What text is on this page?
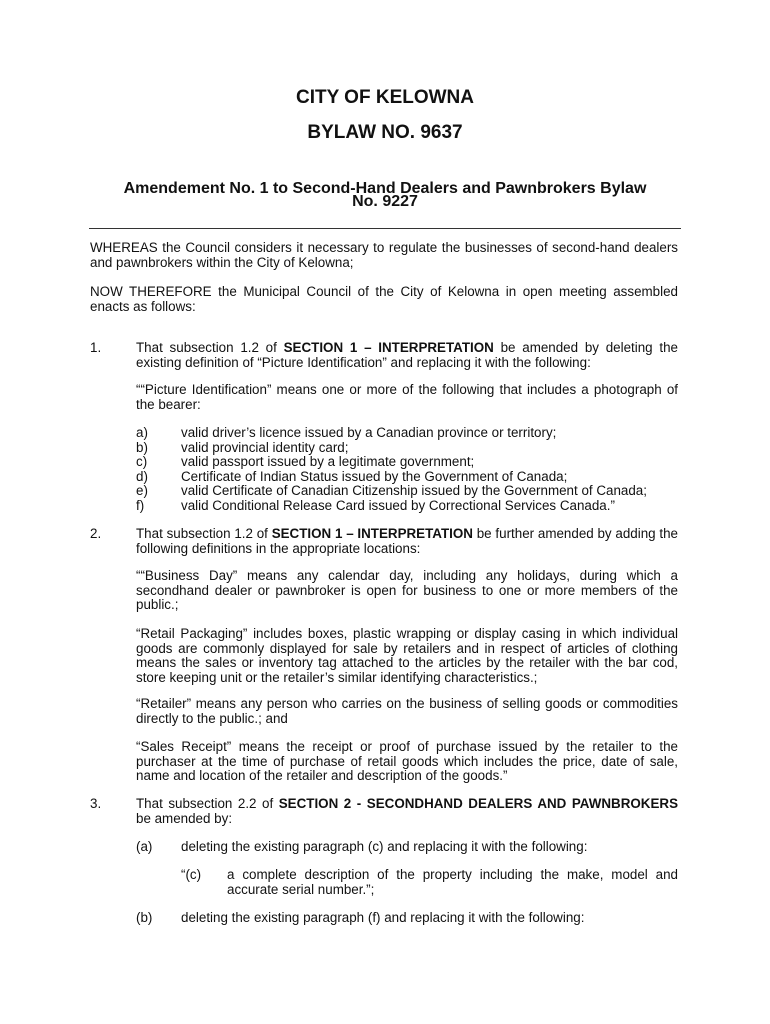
CITY OF KELOWNA
BYLAW NO. 9637
Amendement No. 1 to Second-Hand Dealers and Pawnbrokers Bylaw
No. 9227
WHEREAS the Council considers it necessary to regulate the businesses of second-hand dealers and pawnbrokers within the City of Kelowna;
NOW THEREFORE the Municipal Council of the City of Kelowna in open meeting assembled enacts as follows:
1.	That subsection 1.2 of SECTION 1 – INTERPRETATION be amended by deleting the existing definition of “Picture Identification” and replacing it with the following:
““Picture Identification” means one or more of the following that includes a photograph of the bearer:
a)
b)
c)
d)
e)
f)
valid driver’s licence issued by a Canadian province or territory;
valid provincial identity card;
valid passport issued by a legitimate government;
Certificate of Indian Status issued by the Government of Canada;
valid Certificate of Canadian Citizenship issued by the Government of Canada;
valid Conditional Release Card issued by Correctional Services Canada.”
2.	That subsection 1.2 of SECTION 1 – INTERPRETATION be further amended by adding the following definitions in the appropriate locations:
““Business Day” means any calendar day, including any holidays, during which a secondhand dealer or pawnbroker is open for business to one or more members of the public.;
“Retail Packaging” includes boxes, plastic wrapping or display casing in which individual goods are commonly displayed for sale by retailers and in respect of articles of clothing means the sales or inventory tag attached to the articles by the retailer with the bar cod, store keeping unit or the retailer’s similar identifying characteristics.;
“Retailer” means any person who carries on the business of selling goods or commodities directly to the public.; and
“Sales Receipt” means the receipt or proof of purchase issued by the retailer to the purchaser at the time of purchase of retail goods which includes the price, date of sale, name and location of the retailer and description of the goods.”
3.	That subsection 2.2 of SECTION 2 - SECONDHAND DEALERS AND PAWNBROKERS be amended by:
(a) deleting the existing paragraph (c) and replacing it with the following:
“(c) a complete description of the property including the make, model and accurate serial number.”;
(b) deleting the existing paragraph (f) and replacing it with the following:
